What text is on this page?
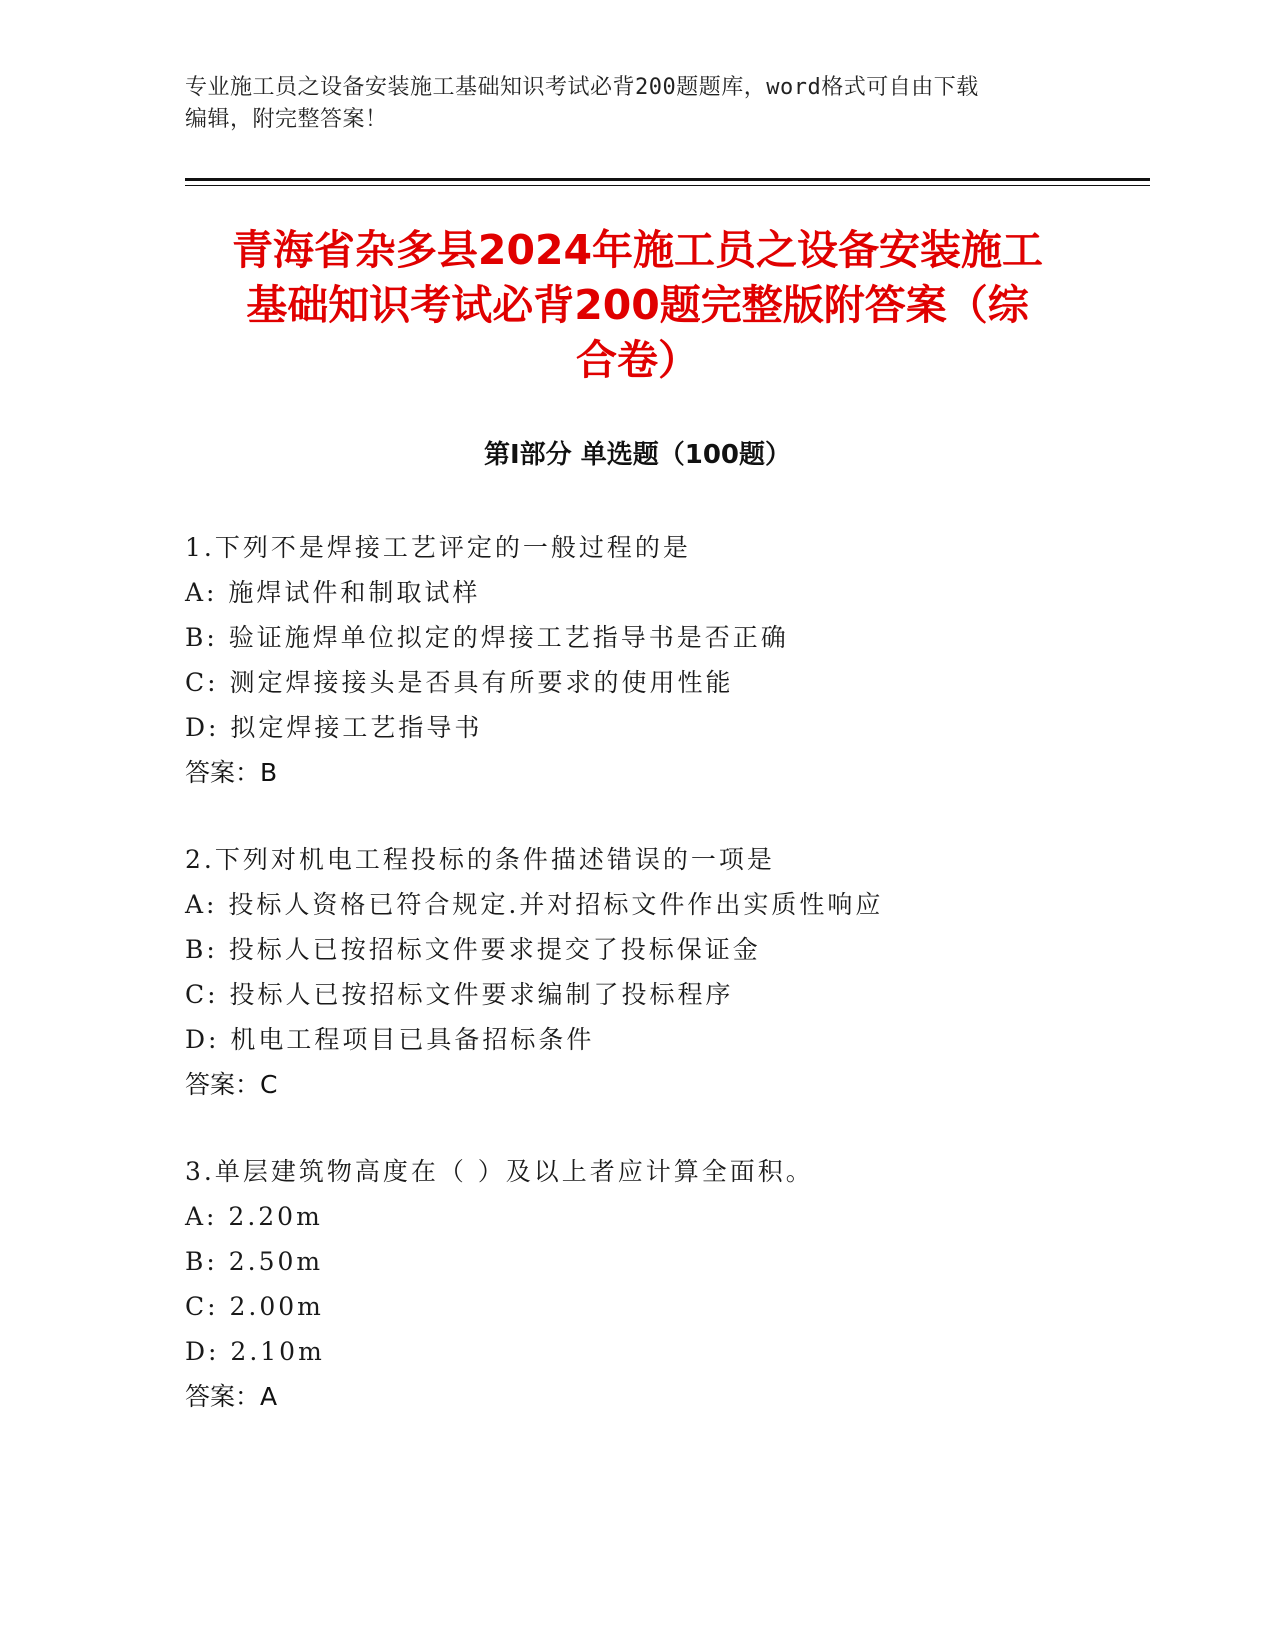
专业施工员之设备安装施工基础知识考试必背200题题库，word格式可自由下载
编辑，附完整答案！
青海省杂多县2024年施工员之设备安装施工
基础知识考试必背200题完整版附答案（综
合卷）
第Ⅰ部分 单选题（100题）
1.下列不是焊接工艺评定的一般过程的是
A: 施焊试件和制取试样
B: 验证施焊单位拟定的焊接工艺指导书是否正确
C: 测定焊接接头是否具有所要求的使用性能
D: 拟定焊接工艺指导书
答案：B
2.下列对机电工程投标的条件描述错误的一项是
A: 投标人资格已符合规定.并对招标文件作出实质性响应
B: 投标人已按招标文件要求提交了投标保证金
C: 投标人已按招标文件要求编制了投标程序
D: 机电工程项目已具备招标条件
答案：C
3.单层建筑物高度在（ ）及以上者应计算全面积。
A: 2.20m
B: 2.50m
C: 2.00m
D: 2.10m
答案：A
